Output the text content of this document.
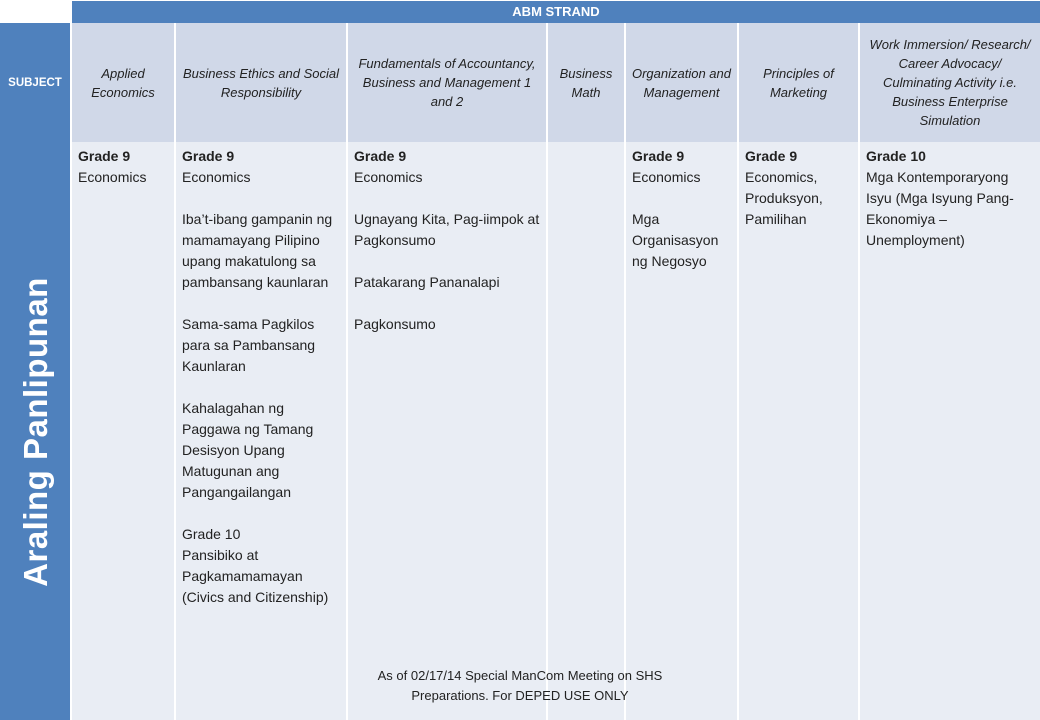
ABM STRAND
SUBJECT
Applied Economics
Business Ethics and Social Responsibility
Fundamentals of Accountancy, Business and Management 1 and 2
Business Math
Organization and Management
Principles of Marketing
Work Immersion/ Research/ Career Advocacy/ Culminating Activity i.e. Business Enterprise Simulation
Araling Panlipunan
Grade 9
Economics
Grade 9

Economics

Iba’t-ibang gampanin ng mamamayang Pilipino upang makatulong sa pambansang kaunlaran

Sama-sama Pagkilos para sa Pambansang Kaunlaran

Kahalagahan ng Paggawa ng Tamang Desisyon Upang Matugunan ang Pangangailangan

Grade 10
Pansibiko at Pagkamamamayan (Civics and Citizenship)
Grade 9

Economics

Ugnayang Kita, Pag-iimpok at Pagkonsumo

Patakarang Pananalapi

Pagkonsumo

Grade 9

Economics

Mga Organisasyon ng Negosyo

Grade 9

Economics, Produksyon, Pamilihan

Grade 10

Mga Kontemporaryong Isyu (Mga Isyung Pang-Ekonomiya – Unemployment)

As of 02/17/14 Special ManCom Meeting on SHS Preparations. For DEPED USE ONLY
